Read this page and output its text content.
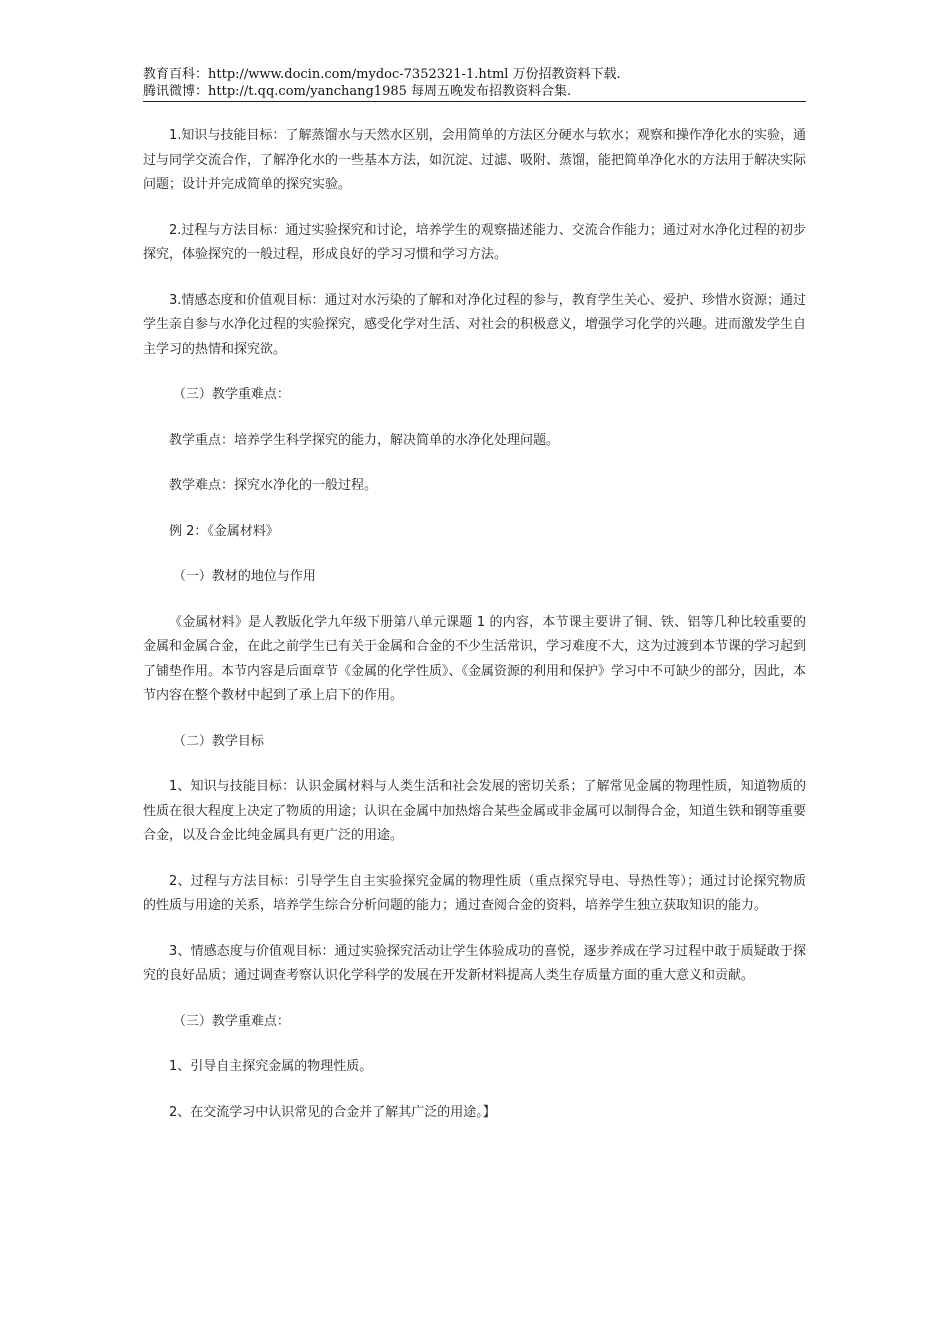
教育百科：http://www.docin.com/mydoc-7352321-1.html 万份招教资料下载.
腾讯微博：http://t.qq.com/yanchang1985 每周五晚发布招教资料合集.

1.知识与技能目标：了解蒸馏水与天然水区别，会用简单的方法区分硬水与软水；观察和操作净化水的实验，通过与同学交流合作，了解净化水的一些基本方法，如沉淀、过滤、吸附、蒸馏，能把简单净化水的方法用于解决实际问题；设计并完成简单的探究实验。

2.过程与方法目标：通过实验探究和讨论，培养学生的观察描述能力、交流合作能力；通过对水净化过程的初步探究，体验探究的一般过程，形成良好的学习习惯和学习方法。

3.情感态度和价值观目标：通过对水污染的了解和对净化过程的参与，教育学生关心、爱护、珍惜水资源；通过学生亲自参与水净化过程的实验探究，感受化学对生活、对社会的积极意义，增强学习化学的兴趣。进而激发学生自主学习的热情和探究欲。

（三）教学重难点：

教学重点：培养学生科学探究的能力，解决简单的水净化处理问题。

教学难点：探究水净化的一般过程。

例 2：《金属材料》

（一）教材的地位与作用

《金属材料》是人教版化学九年级下册第八单元课题 1 的内容，本节课主要讲了铜、铁、铝等几种比较重要的金属和金属合金，在此之前学生已有关于金属和合金的不少生活常识，学习难度不大，这为过渡到本节课的学习起到了铺垫作用。本节内容是后面章节《金属的化学性质》、《金属资源的利用和保护》学习中不可缺少的部分，因此，本节内容在整个教材中起到了承上启下的作用。

（二）教学目标

1、知识与技能目标：认识金属材料与人类生活和社会发展的密切关系；了解常见金属的物理性质，知道物质的性质在很大程度上决定了物质的用途；认识在金属中加热熔合某些金属或非金属可以制得合金，知道生铁和钢等重要合金，以及合金比纯金属具有更广泛的用途。

2、过程与方法目标：引导学生自主实验探究金属的物理性质（重点探究导电、导热性等）；通过讨论探究物质的性质与用途的关系，培养学生综合分析问题的能力；通过查阅合金的资料，培养学生独立获取知识的能力。

3、情感态度与价值观目标：通过实验探究活动让学生体验成功的喜悦，逐步养成在学习过程中敢于质疑敢于探究的良好品质；通过调查考察认识化学科学的发展在开发新材料提高人类生存质量方面的重大意义和贡献。

（三）教学重难点：

1、引导自主探究金属的物理性质。

2、在交流学习中认识常见的合金并了解其广泛的用途。】
